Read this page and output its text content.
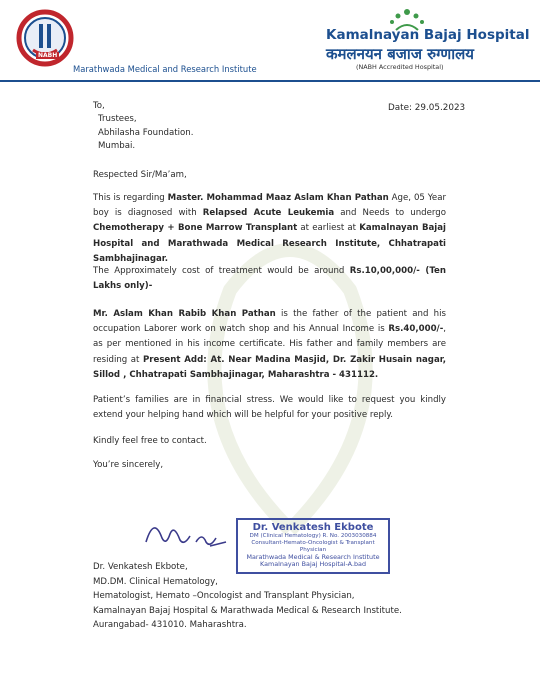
NABH
Marathwada Medical and Research Institute
Kamalnayan Bajaj Hospital
कमलनयन बजाज रुग्णालय
(NABH Accredited Hospital)
Date: 29.05.2023
To,
Trustees,
Abhilasha Foundation.
Mumbai.
Respected Sir/Ma’am,
This is regarding Master. Mohammad Maaz Aslam Khan Pathan Age, 05 Year boy is diagnosed with Relapsed Acute Leukemia and Needs to undergo Chemotherapy + Bone Marrow Transplant at earliest at Kamalnayan Bajaj Hospital and Marathwada Medical Research Institute, Chhatrapati Sambhajinagar.
The Approximately cost of treatment would be around Rs.10,00,000/- (Ten Lakhs only)-
Mr. Aslam Khan Rabib Khan Pathan is the father of the patient and his occupation Laborer work on watch shop and his Annual Income is Rs.40,000/-, as per mentioned in his income certificate. His father and family members are residing at Present Add: At. Near Madina Masjid, Dr. Zakir Husain nagar, Sillod , Chhatrapati Sambhajinagar, Maharashtra - 431112.
Patient’s families are in financial stress. We would like to request you kindly extend your helping hand which will be helpful for your positive reply.
Kindly feel free to contact.
You’re sincerely,
Dr. Venkatesh Ekbote
DM (Clinical Hematology) R. No. 2003030884
Consultant-Hemato-Oncologist & Transplant Physician
Marathwada Medical & Research Institute
Kamalnayan Bajaj Hospital-A.bad
Dr. Venkatesh Ekbote,
MD.DM. Clinical Hematology,
Hematologist, Hemato –Oncologist and Transplant Physician,
Kamalnayan Bajaj Hospital & Marathwada Medical & Research Institute.
Aurangabad- 431010. Maharashtra.
